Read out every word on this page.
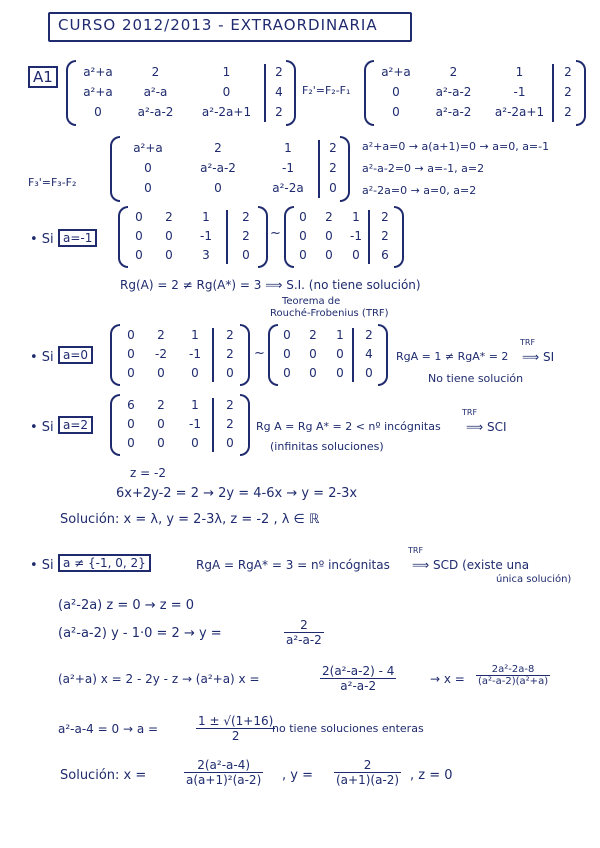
CURSO 2012/2013 - EXTRAORDINARIA
A1	a²+a	2	1	2
a²+a	a²-a	0	4
0	a²-a-2	a²-2a+1	2
F₂'=F₂-F₁
a²+a	2	1	2
0	a²-a-2	-1	2
0	a²-a-2	a²-2a+1	2
F₃'=F₃-F₂
a²+a	2	1	2
0	a²-a-2	-1	2
0	0	a²-2a	0
a²+a=0 → a(a+1)=0 → a=0, a=-1
a²-a-2=0 → a=-1, a=2
a²-2a=0 → a=0, a=2
• Si a=-1
0	2	1	2
0	0	-1	2
0	0	3	0
~
0	2	1	2
0	0	-1	2
0	0	0	6
Rg(A) = 2 ≠ Rg(A*) = 3 ⟹ S.I. (no tiene solución)
Teorema de
Rouché-Frobenius (TRF)
• Si a=0
0	2	1	2
0	-2	-1	2
0	0	0	0
~
0	2	1	2
0	0	0	4
0	0	0	0
RgA = 1 ≠ RgA* = 2
TRF
⟹ SI
No tiene solución
• Si a=2
6	2	1	2
0	0	-1	2
0	0	0	0
Rg A = Rg A* = 2 < nº incógnitas
TRF
⟹ SCI
(infinitas soluciones)
z = -2
6x+2y-2 = 2 → 2y = 4-6x → y = 2-3x
Solución: x = λ, y = 2-3λ, z = -2 , λ ∈ ℝ
• Si a ≠ {-1, 0, 2}	RgA = RgA* = 3 = nº incógnitas
TRF
⟹ SCD (existe una
única solución)
(a²-2a) z = 0 → z = 0
(a²-a-2) y - 1·0 = 2 → y =	$\frac{2}{\text{a²-a-2}}$
(a²+a) x = 2 - 2y - z → (a²+a) x =	$\frac{\text{2(a²-a-2) - 4}}{\text{a²-a-2}}$	→ $x = \frac{\text{2a²-2a-8}}{\text{(a²-a-2)(a²+a)}}$
a²-a-4 = 0 → a =	$\frac{1 \pm √(1+16)}{2}$
no tiene soluciones enteras
Solución: x =	$\frac{\text{2(a²-a-4)}}{\text{a(a+1)²(a-2)}}$ , $y = \frac{2}{(a+1)(a-2)}$ , z = 0
